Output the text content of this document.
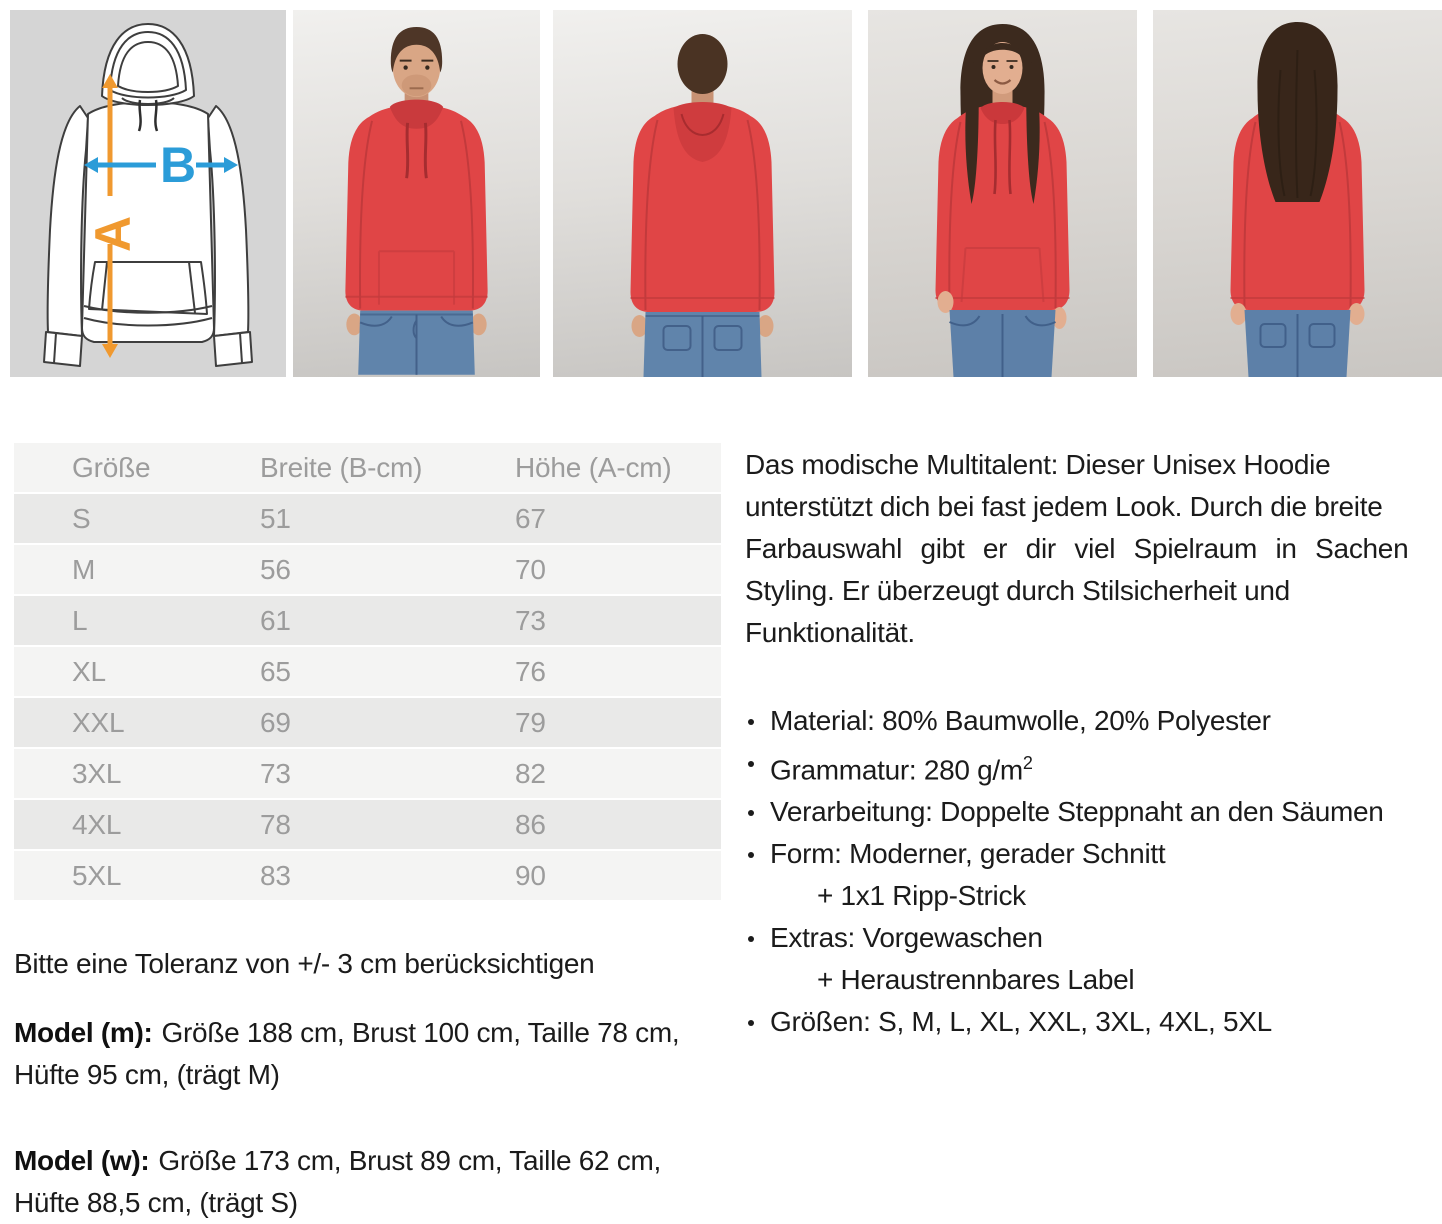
A
B
Größe	Breite (B-cm)	Höhe (A-cm)
S	51	67
M	56	70
L	61	73
XL	65	76
XXL	69	79
3XL	73	82
4XL	78	86
5XL	83	90
Das modische Multitalent: Dieser Unisex Hoodie
unterstützt dich bei fast jedem Look. Durch die breite
Farbauswahl gibt er dir viel Spielraum in Sachen
Styling. Er überzeugt durch Stilsicherheit und
Funktionalität.
Material: 80% Baumwolle, 20% Polyester
Grammatur: 280 $g/m^2$
Verarbeitung: Doppelte Steppnaht an den Säumen
Form: Moderner, gerader Schnitt
+ 1x1 Ripp-Strick
Extras: Vorgewaschen
+ Heraustrennbares Label
Größen: S, M, L, XL, XXL, 3XL, 4XL, 5XL
Bitte eine Toleranz von +/- 3 cm berücksichtigen
Model (m): Größe 188 cm, Brust 100 cm, Taille 78 cm, Hüfte 95 cm, (trägt M)
Model (w): Größe 173 cm, Brust 89 cm, Taille 62 cm, Hüfte 88,5 cm, (trägt S)
